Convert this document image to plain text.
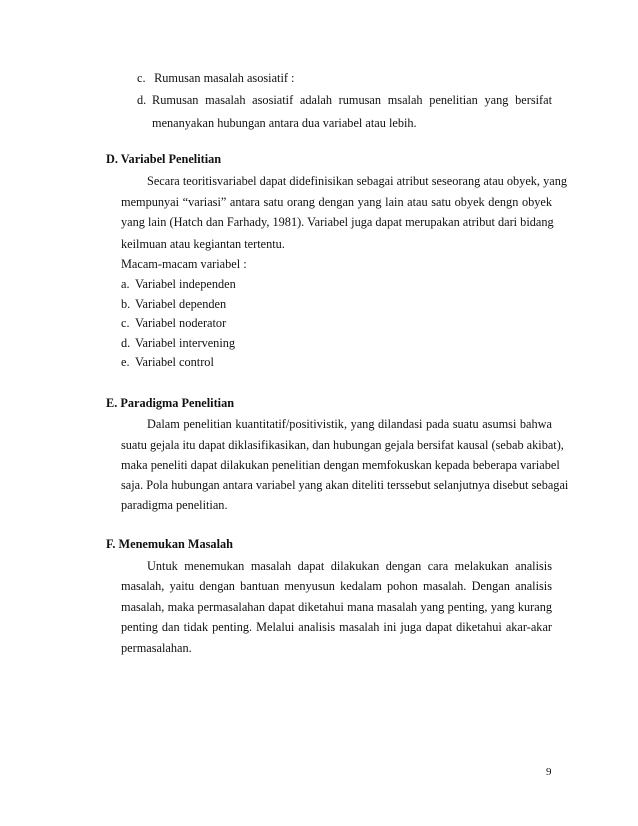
c. Rumusan masalah asosiatif :
d. Rumusan masalah asosiatif adalah rumusan msalah penelitian yang bersifat
menanyakan hubungan antara dua variabel atau lebih.
D. Variabel Penelitian
Secara teoritisvariabel dapat didefinisikan sebagai atribut seseorang atau obyek, yang
mempunyai “variasi” antara satu orang dengan yang lain atau satu obyek dengn obyek
yang lain (Hatch dan Farhady, 1981). Variabel juga dapat merupakan atribut dari bidang
keilmuan atau kegiantan tertentu.
Macam-macam variabel :
a. Variabel independen
b. Variabel dependen
c. Variabel noderator
d. Variabel intervening
e. Variabel control
E. Paradigma Penelitian
Dalam penelitian kuantitatif/positivistik, yang dilandasi pada suatu asumsi bahwa
suatu gejala itu dapat diklasifikasikan, dan hubungan gejala bersifat kausal (sebab akibat),
maka peneliti dapat dilakukan penelitian dengan memfokuskan kepada beberapa variabel
saja. Pola hubungan antara variabel yang akan diteliti terssebut selanjutnya disebut sebagai
paradigma penelitian.
F. Menemukan Masalah
Untuk menemukan masalah dapat dilakukan dengan cara melakukan analisis
masalah, yaitu dengan bantuan menyusun kedalam pohon masalah. Dengan analisis
masalah, maka permasalahan dapat diketahui mana masalah yang penting, yang kurang
penting dan tidak penting. Melalui analisis masalah ini juga dapat diketahui akar-akar
permasalahan.
9
